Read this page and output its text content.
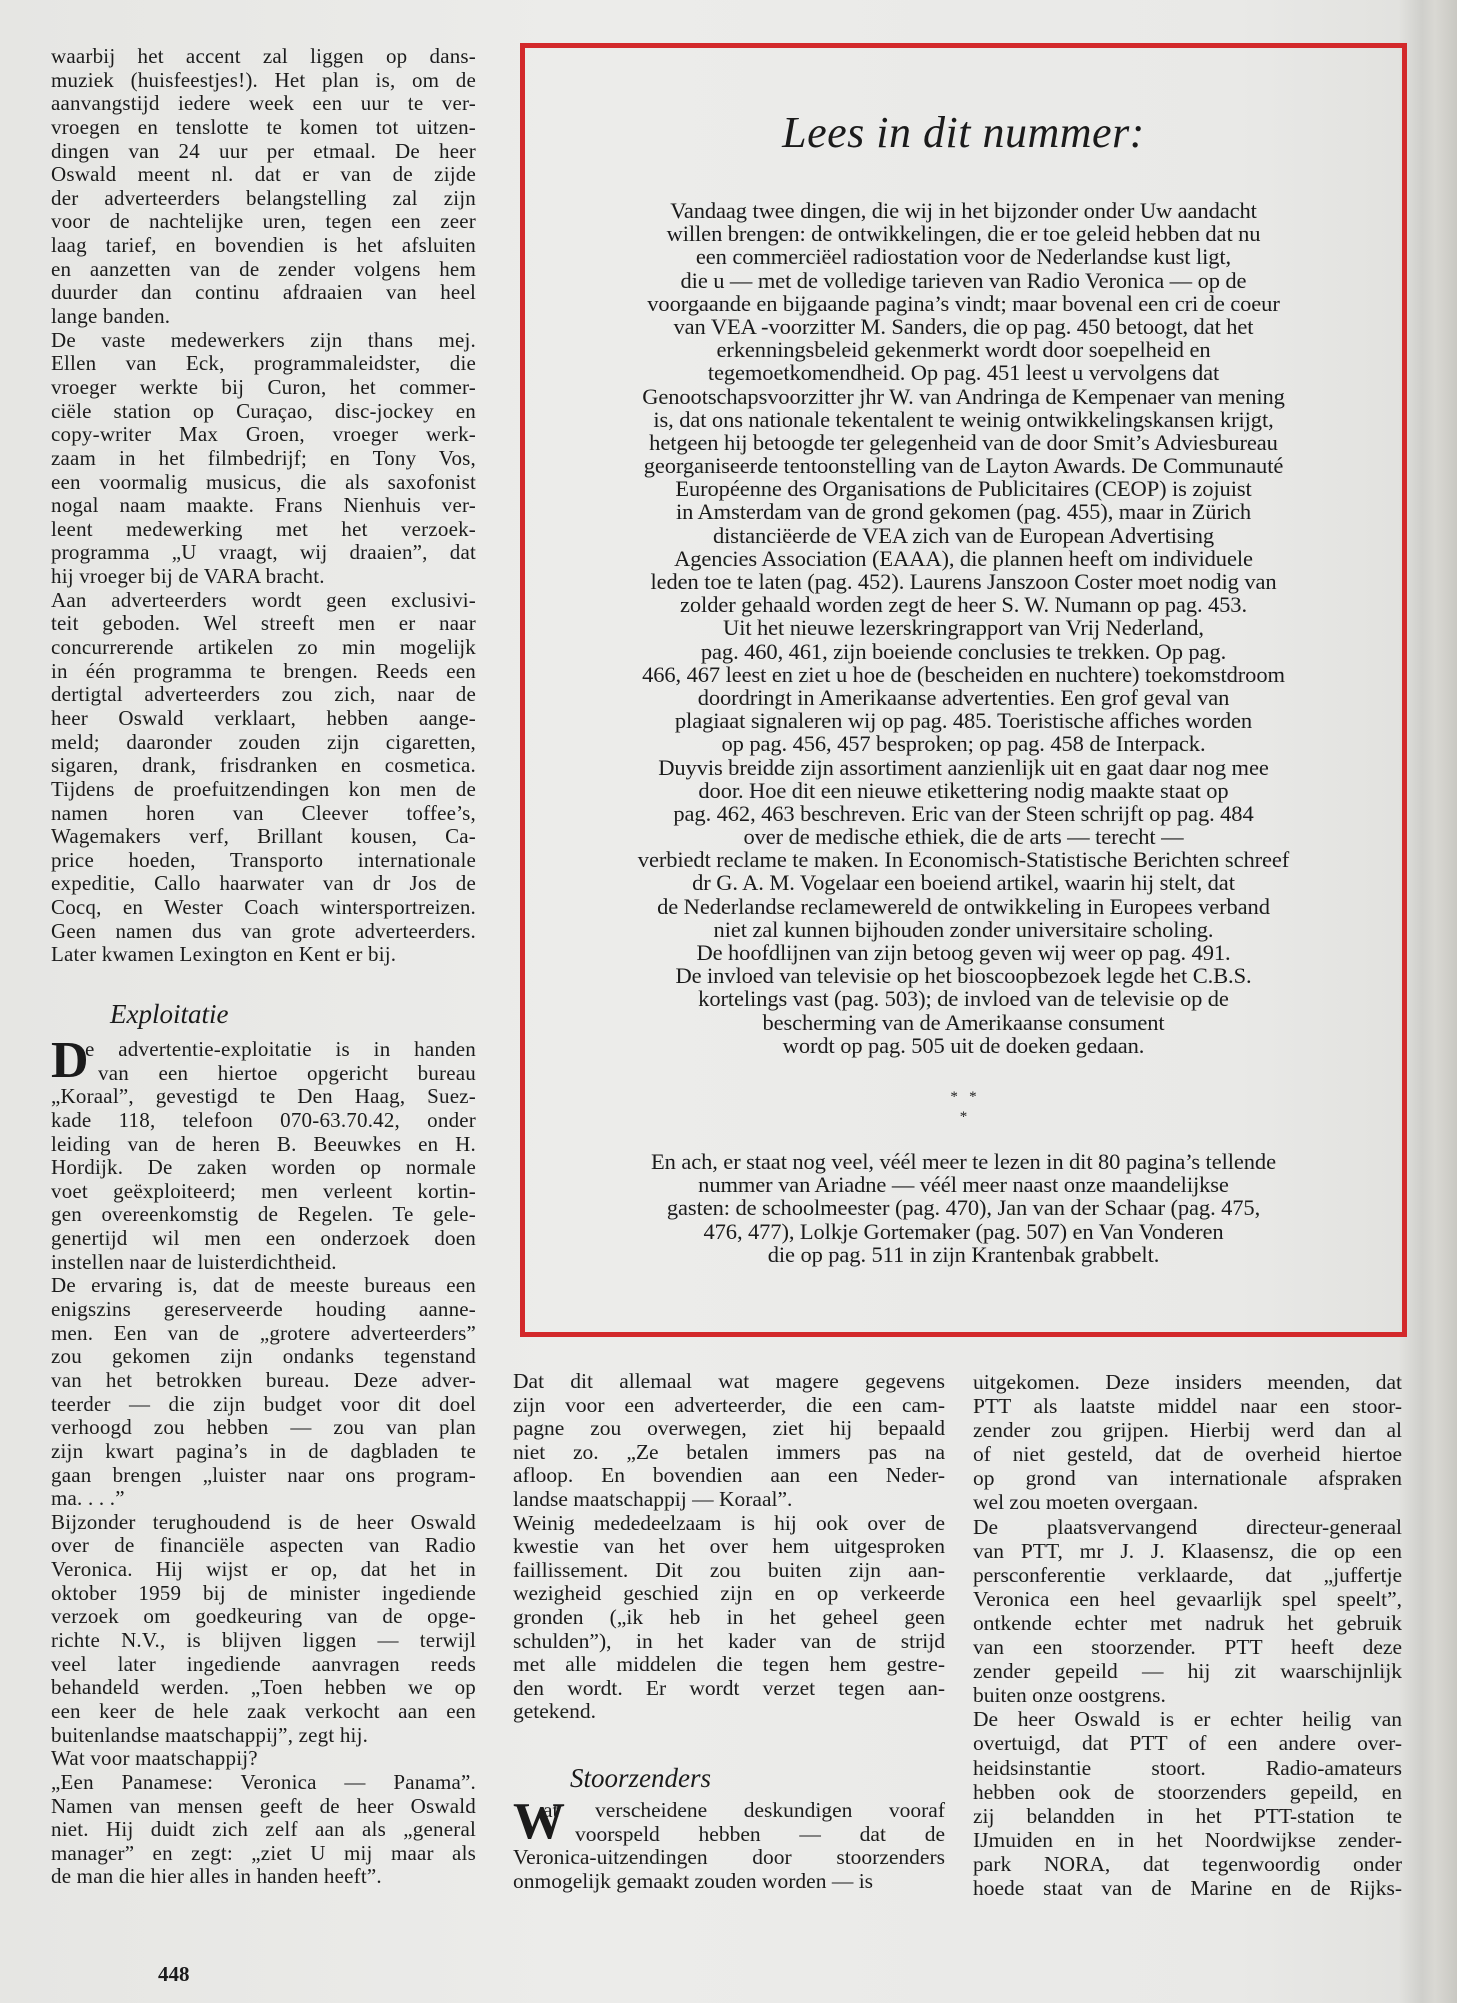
waarbij het accent zal liggen op dans-
muziek (huisfeestjes!). Het plan is, om de
aanvangstijd iedere week een uur te ver-
vroegen en tenslotte te komen tot uitzen-
dingen van 24 uur per etmaal. De heer
Oswald meent nl. dat er van de zijde
der adverteerders belangstelling zal zijn
voor de nachtelijke uren, tegen een zeer
laag tarief, en bovendien is het afsluiten
en aanzetten van de zender volgens hem
duurder dan continu afdraaien van heel
lange banden.
De vaste medewerkers zijn thans mej.
Ellen van Eck, programmaleidster, die
vroeger werkte bij Curon, het commer-
ciële station op Curaçao, disc-jockey en
copy-writer Max Groen, vroeger werk-
zaam in het filmbedrijf; en Tony Vos,
een voormalig musicus, die als saxofonist
nogal naam maakte. Frans Nienhuis ver-
leent medewerking met het verzoek-
programma „U vraagt, wij draaien”, dat
hij vroeger bij de VARA bracht.
Aan adverteerders wordt geen exclusivi-
teit geboden. Wel streeft men er naar
concurrerende artikelen zo min mogelijk
in één programma te brengen. Reeds een
dertigtal adverteerders zou zich, naar de
heer Oswald verklaart, hebben aange-
meld; daaronder zouden zijn cigaretten,
sigaren, drank, frisdranken en cosmetica.
Tijdens de proefuitzendingen kon men de
namen horen van Cleever toffee’s,
Wagemakers verf, Brillant kousen, Ca-
price hoeden, Transporto internationale
expeditie, Callo haarwater van dr Jos de
Cocq, en Wester Coach wintersportreizen.
Geen namen dus van grote adverteerders.
Later kwamen Lexington en Kent er bij.
Exploitatie
D
e advertentie-exploitatie is in handen
van een hiertoe opgericht bureau
„Koraal”, gevestigd te Den Haag, Suez-
kade 118, telefoon 070-63.70.42, onder
leiding van de heren B. Beeuwkes en H.
Hordijk. De zaken worden op normale
voet geëxploiteerd; men verleent kortin-
gen overeenkomstig de Regelen. Te gele-
genertijd wil men een onderzoek doen
instellen naar de luisterdichtheid.
De ervaring is, dat de meeste bureaus een
enigszins gereserveerde houding aanne-
men. Een van de „grotere adverteerders”
zou gekomen zijn ondanks tegenstand
van het betrokken bureau. Deze adver-
teerder — die zijn budget voor dit doel
verhoogd zou hebben — zou van plan
zijn kwart pagina’s in de dagbladen te
gaan brengen „luister naar ons program-
ma. . . .”
Bijzonder terughoudend is de heer Oswald
over de financiële aspecten van Radio
Veronica. Hij wijst er op, dat het in
oktober 1959 bij de minister ingediende
verzoek om goedkeuring van de opge-
richte N.V., is blijven liggen — terwijl
veel later ingediende aanvragen reeds
behandeld werden. „Toen hebben we op
een keer de hele zaak verkocht aan een
buitenlandse maatschappij”, zegt hij.
Wat voor maatschappij?
„Een Panamese: Veronica — Panama”.
Namen van mensen geeft de heer Oswald
niet. Hij duidt zich zelf aan als „general
manager” en zegt: „ziet U mij maar als
de man die hier alles in handen heeft”.
Lees in dit nummer:
Vandaag twee dingen, die wij in het bijzonder onder Uw aandacht
willen brengen: de ontwikkelingen, die er toe geleid hebben dat nu
een commerciëel radiostation voor de Nederlandse kust ligt,
die u — met de volledige tarieven van Radio Veronica — op de
voorgaande en bijgaande pagina’s vindt; maar bovenal een cri de coeur
van VEA -voorzitter M. Sanders, die op pag. 450 betoogt, dat het
erkenningsbeleid gekenmerkt wordt door soepelheid en
tegemoetkomendheid. Op pag. 451 leest u vervolgens dat
Genootschapsvoorzitter jhr W. van Andringa de Kempenaer van mening
is, dat ons nationale tekentalent te weinig ontwikkelingskansen krijgt,
hetgeen hij betoogde ter gelegenheid van de door Smit’s Adviesbureau
georganiseerde tentoonstelling van de Layton Awards. De Communauté
Européenne des Organisations de Publicitaires (CEOP) is zojuist
in Amsterdam van de grond gekomen (pag. 455), maar in Zürich
distanciëerde de VEA zich van de European Advertising
Agencies Association (EAAA), die plannen heeft om individuele
leden toe te laten (pag. 452). Laurens Janszoon Coster moet nodig van
zolder gehaald worden zegt de heer S. W. Numann op pag. 453.
Uit het nieuwe lezerskringrapport van Vrij Nederland,
pag. 460, 461, zijn boeiende conclusies te trekken. Op pag.
466, 467 leest en ziet u hoe de (bescheiden en nuchtere) toekomstdroom
doordringt in Amerikaanse advertenties. Een grof geval van
plagiaat signaleren wij op pag. 485. Toeristische affiches worden
op pag. 456, 457 besproken; op pag. 458 de Interpack.
Duyvis breidde zijn assortiment aanzienlijk uit en gaat daar nog mee
door. Hoe dit een nieuwe etikettering nodig maakte staat op
pag. 462, 463 beschreven. Eric van der Steen schrijft op pag. 484
over de medische ethiek, die de arts — terecht —
verbiedt reclame te maken. In Economisch-Statistische Berichten schreef
dr G. A. M. Vogelaar een boeiend artikel, waarin hij stelt, dat
de Nederlandse reclamewereld de ontwikkeling in Europees verband
niet zal kunnen bijhouden zonder universitaire scholing.
De hoofdlijnen van zijn betoog geven wij weer op pag. 491.
De invloed van televisie op het bioscoopbezoek legde het C.B.S.
kortelings vast (pag. 503); de invloed van de televisie op de
bescherming van de Amerikaanse consument
wordt op pag. 505 uit de doeken gedaan.
*   *
*
En ach, er staat nog veel, véél meer te lezen in dit 80 pagina’s tellende
nummer van Ariadne — véél meer naast onze maandelijkse
gasten: de schoolmeester (pag. 470), Jan van der Schaar (pag. 475,
476, 477), Lolkje Gortemaker (pag. 507) en Van Vonderen
die op pag. 511 in zijn Krantenbak grabbelt.
Dat dit allemaal wat magere gegevens
zijn voor een adverteerder, die een cam-
pagne zou overwegen, ziet hij bepaald
niet zo. „Ze betalen immers pas na
afloop. En bovendien aan een Neder-
landse maatschappij — Koraal”.
Weinig mededeelzaam is hij ook over de
kwestie van het over hem uitgesproken
faillissement. Dit zou buiten zijn aan-
wezigheid geschied zijn en op verkeerde
gronden („ik heb in het geheel geen
schulden”), in het kader van de strijd
met alle middelen die tegen hem gestre-
den wordt. Er wordt verzet tegen aan-
getekend.
Stoorzenders
W
at verscheidene deskundigen vooraf
voorspeld hebben — dat de
Veronica-uitzendingen door stoorzenders
onmogelijk gemaakt zouden worden — is
uitgekomen. Deze insiders meenden, dat
PTT als laatste middel naar een stoor-
zender zou grijpen. Hierbij werd dan al
of niet gesteld, dat de overheid hiertoe
op grond van internationale afspraken
wel zou moeten overgaan.
De plaatsvervangend directeur-generaal
van PTT, mr J. J. Klaasensz, die op een
persconferentie verklaarde, dat „juffertje
Veronica een heel gevaarlijk spel speelt”,
ontkende echter met nadruk het gebruik
van een stoorzender. PTT heeft deze
zender gepeild — hij zit waarschijnlijk
buiten onze oostgrens.
De heer Oswald is er echter heilig van
overtuigd, dat PTT of een andere over-
heidsinstantie stoort. Radio-amateurs
hebben ook de stoorzenders gepeild, en
zij belandden in het PTT-station te
IJmuiden en in het Noordwijkse zender-
park NORA, dat tegenwoordig onder
hoede staat van de Marine en de Rijks-
448
